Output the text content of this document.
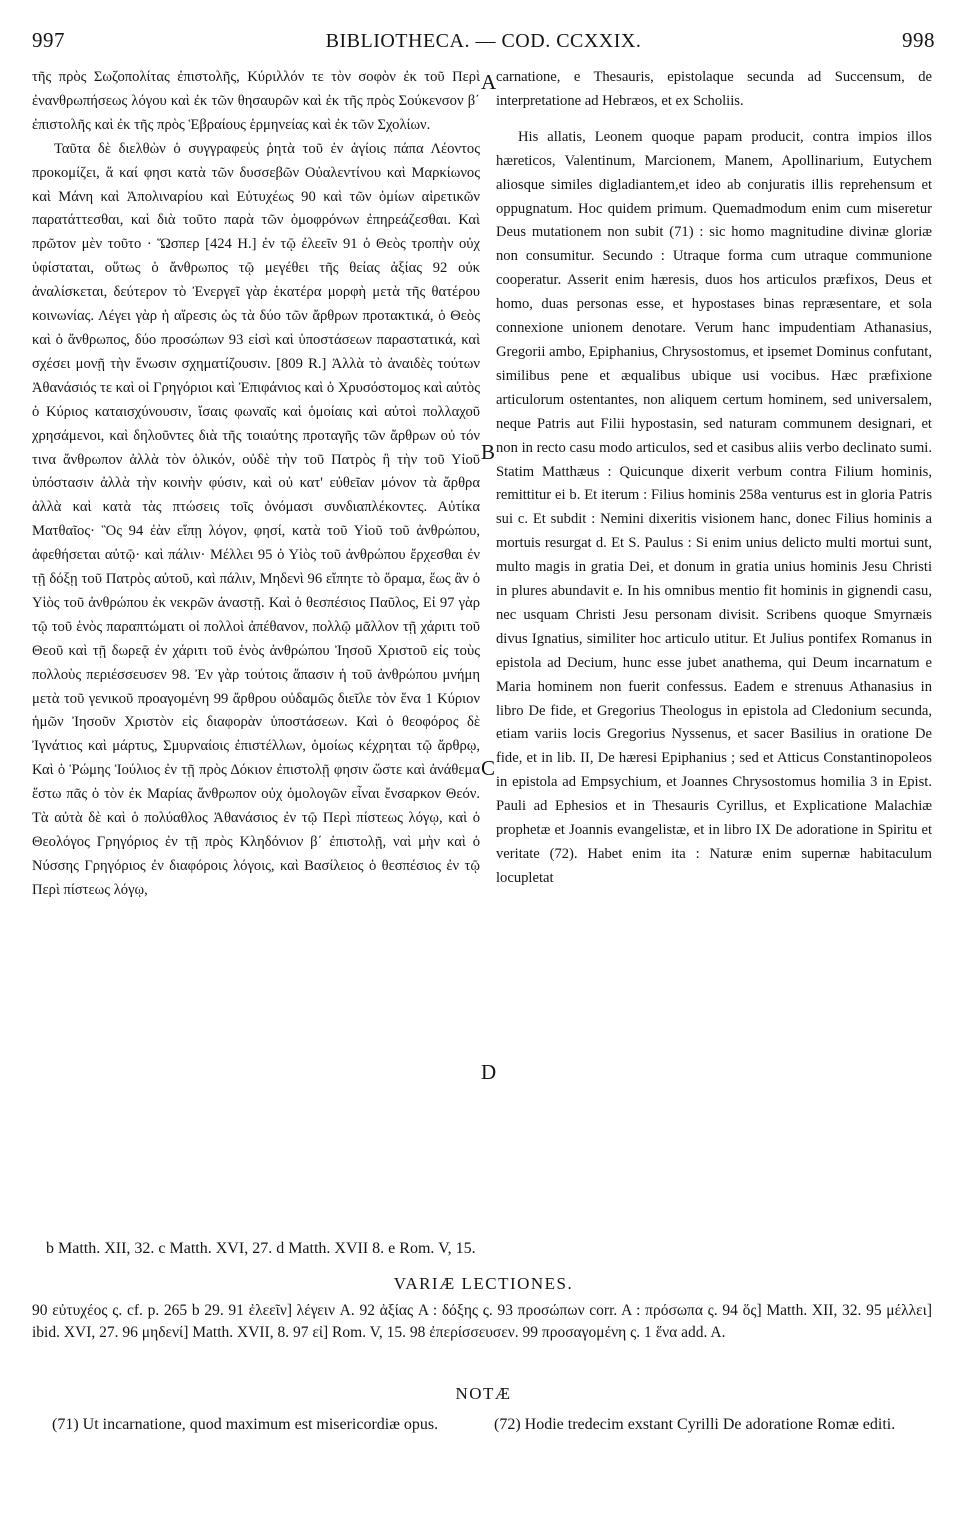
997	BIBLIOTHECA. — COD. CCXXIX.	998

τῆς πρὸς Σωζοπολίτας ἐπιστολῆς, Κύριλλόν τε τὸν σοφὸν ἐκ τοῦ Περὶ ἐνανθρωπήσεως λόγου καὶ ἐκ τῶν θησαυρῶν καὶ ἐκ τῆς πρὸς Σούκενσον β΄ ἐπιστολῆς καὶ ἐκ τῆς πρὸς Ἑβραίους ἑρμηνείας καὶ ἐκ τῶν Σχολίων.

Ταῦτα δὲ διελθὼν ὁ συγγραφεὺς ῥητὰ τοῦ ἐν ἁγίοις πάπα Λέοντος προκομίζει, ἅ καί φησι κατὰ τῶν δυσσεβῶν Οὐαλεντίνου καὶ Μαρκίωνος καὶ Μάνη καὶ Ἀπολιναρίου καὶ Εὐτυχέως 90 καὶ τῶν ὁμίων αἱρετικῶν παρατάττεσθαι, καὶ διὰ τοῦτο παρὰ τῶν ὁμοφρόνων ἐπηρεάζεσθαι. Καὶ πρῶτον μὲν τοῦτο · Ὥσπερ [424 H.] ἐν τῷ ἐλεεῖν 91 ὁ Θεὸς τροπὴν οὐχ ὑφίσταται, οὕτως ὁ ἄνθρωπος τῷ μεγέθει τῆς θείας ἀξίας 92 οὐκ ἀναλίσκεται, δεύτερον τὸ Ἐνεργεῖ γὰρ ἑκατέρα μορφὴ μετὰ τῆς θατέρου κοινωνίας. Λέγει γὰρ ἡ αἵρεσις ὡς τὰ δύο τῶν ἄρθρων προτακτικά, ὁ Θεὸς καὶ ὁ ἄνθρωπος, δύο προσώπων 93 εἰσὶ καὶ ὑποστάσεων παραστατικά, καὶ σχέσει μονῇ τὴν ἕνωσιν σχηματίζουσιν. [809 R.] Ἀλλὰ τὸ ἀναιδὲς τούτων Ἀθανάσιός τε καὶ οἱ Γρηγόριοι καὶ Ἐπιφάνιος καὶ ὁ Χρυσόστομος καὶ αὐτὸς ὁ Κύριος καταισχύνουσιν, ἴσαις φωναῖς καὶ ὁμοίαις καὶ αὐτοὶ πολλαχοῦ χρησάμενοι, καὶ δηλοῦντες διὰ τῆς τοιαύτης προταγῆς τῶν ἄρθρων οὐ τόν τινα ἄνθρωπον ἀλλὰ τὸν ὁλικόν, οὐδὲ τὴν τοῦ Πατρὸς ἢ τὴν τοῦ Υἱοῦ ὑπόστασιν ἀλλὰ τὴν κοινὴν φύσιν, καὶ οὐ κατ' εὐθεῖαν μόνον τὰ ἄρθρα ἀλλὰ καὶ κατὰ τὰς πτώσεις τοῖς ὀνόμασι συνδιαπλέκοντες. Αὐτίκα Ματθαῖος· Ὃς 94 ἐὰν εἴπῃ λόγον, φησί, κατὰ τοῦ Υἱοῦ τοῦ ἀνθρώπου, ἀφεθήσεται αὐτῷ· καὶ πάλιν· Μέλλει 95 ὁ Υἱὸς τοῦ ἀνθρώπου ἔρχεσθαι ἐν τῇ δόξῃ τοῦ Πατρὸς αὐτοῦ, καὶ πάλιν, Μηδενὶ 96 εἴπητε τὸ ὅραμα, ἕως ἂν ὁ Υἱὸς τοῦ ἀνθρώπου ἐκ νεκρῶν ἀναστῇ. Καὶ ὁ θεσπέσιος Παῦλος, Εἰ 97 γὰρ τῷ τοῦ ἑνὸς παραπτώματι οἱ πολλοὶ ἀπέθανον, πολλῷ μᾶλλον τῇ χάριτι τοῦ Θεοῦ καὶ τῇ δωρεᾷ ἐν χάριτι τοῦ ἑνὸς ἀνθρώπου Ἰησοῦ Χριστοῦ εἰς τοὺς πολλοὺς περιέσσευσεν 98. Ἐν γὰρ τούτοις ἅπασιν ἡ τοῦ ἀνθρώπου μνήμη μετὰ τοῦ γενικοῦ προαγομένη 99 ἄρθρου οὐδαμῶς διεῖλε τὸν ἕνα 1 Κύριον ἡμῶν Ἰησοῦν Χριστὸν εἰς διαφορὰν ὑποστάσεων. Καὶ ὁ θεοφόρος δὲ Ἰγνάτιος καὶ μάρτυς, Σμυρναίοις ἐπιστέλλων, ὁμοίως κέχρηται τῷ ἄρθρῳ, Καὶ ὁ Ῥώμης Ἰούλιος ἐν τῇ πρὸς Δόκιον ἐπιστολῇ φησιν ὥστε καὶ ἀνάθεμα ἔστω πᾶς ὁ τὸν ἐκ Μαρίας ἄνθρωπον οὐχ ὁμολογῶν εἶναι ἔνσαρκον Θεόν. Τὰ αὐτὰ δὲ καὶ ὁ πολύαθλος Ἀθανάσιος ἐν τῷ Περὶ πίστεως λόγῳ, καὶ ὁ Θεολόγος Γρηγόριος ἐν τῇ πρὸς Κληδόνιον β΄ ἐπιστολῇ, ναὶ μὴν καὶ ὁ Νύσσης Γρηγόριος ἐν διαφόροις λόγοις, καὶ Βασίλειος ὁ θεσπέσιος ἐν τῷ Περὶ πίστεως λόγῳ,

carnatione, e Thesauris, epistolaque secunda ad Succensum, de interpretatione ad Hebræos, et ex Scholiis.

His allatis, Leonem quoque papam producit, contra impios illos hæreticos, Valentinum, Marcionem, Manem, Apollinarium, Eutychem aliosque similes digladiantem,et ideo ab conjuratis illis reprehensum et oppugnatum. Hoc quidem primum. Quemadmodum enim cum miseretur Deus mutationem non subit (71) : sic homo magnitudine divinæ gloriæ non consumitur. Secundo : Utraque forma cum utraque communione cooperatur. Asserit enim hæresis, duos hos articulos præfixos, Deus et homo, duas personas esse, et hypostases binas repræsentare, et sola connexione unionem denotare. Verum hanc impudentiam Athanasius, Gregorii ambo, Epiphanius, Chrysostomus, et ipsemet Dominus confutant, similibus pene et æqualibus ubique usi vocibus. Hæc præfixione articulorum ostentantes, non aliquem certum hominem, sed universalem, neque Patris aut Filii hypostasin, sed naturam communem designari, et non in recto casu modo articulos, sed et casibus aliis verbo declinato sumi. Statim Matthæus : Quicunque dixerit verbum contra Filium hominis, remittitur ei b. Et iterum : Filius hominis 258a venturus est in gloria Patris sui c. Et subdit : Nemini dixeritis visionem hanc, donec Filius hominis a mortuis resurgat d. Et S. Paulus : Si enim unius delicto multi mortui sunt, multo magis in gratia Dei, et donum in gratia unius hominis Jesu Christi in plures abundavit e. In his omnibus mentio fit hominis in gignendi casu, nec usquam Christi Jesu personam divisit. Scribens quoque Smyrnæis divus Ignatius, similiter hoc articulo utitur. Et Julius pontifex Romanus in epistola ad Decium, hunc esse jubet anathema, qui Deum incarnatum e Maria hominem non fuerit confessus. Eadem e strenuus Athanasius in libro De fide, et Gregorius Theologus in epistola ad Cledonium secunda, etiam variis locis Gregorius Nyssenus, et sacer Basilius in oratione De fide, et in lib. II, De hæresi Epiphanius ; sed et Atticus Constantinopoleos in epistola ad Empsychium, et Joannes Chrysostomus homilia 3 in Epist. Pauli ad Ephesios et in Thesauris Cyrillus, et Explicatione Malachiæ prophetæ et Joannis evangelistæ, et in libro IX De adoratione in Spiritu et veritate (72). Habet enim ita : Naturæ enim supernæ habitaculum locupletat

A
B
C
D
b Matth. XII, 32. c Matth. XVI, 27. d Matth. XVII 8. e Rom. V, 15.
VARIÆ LECTIONES.
90 εὐτυχέος ς. cf. p. 265 b 29. 91 ἐλεεῖν] λέγειν A. 92 ἀξίας A : δόξης ς. 93 προσώπων corr. A : πρόσωπα ς. 94 ὅς] Matth. XII, 32. 95 μέλλει] ibid. XVI, 27. 96 μηδενί] Matth. XVII, 8. 97 εἰ] Rom. V, 15. 98 ἐπερίσσευσεν. 99 προσαγομένη ς. 1 ἕνα add. A.
NOTÆ
(71) Ut incarnatione, quod maximum est misericordiæ opus.	(72) Hodie tredecim exstant Cyrilli De adoratione Romæ editi.
